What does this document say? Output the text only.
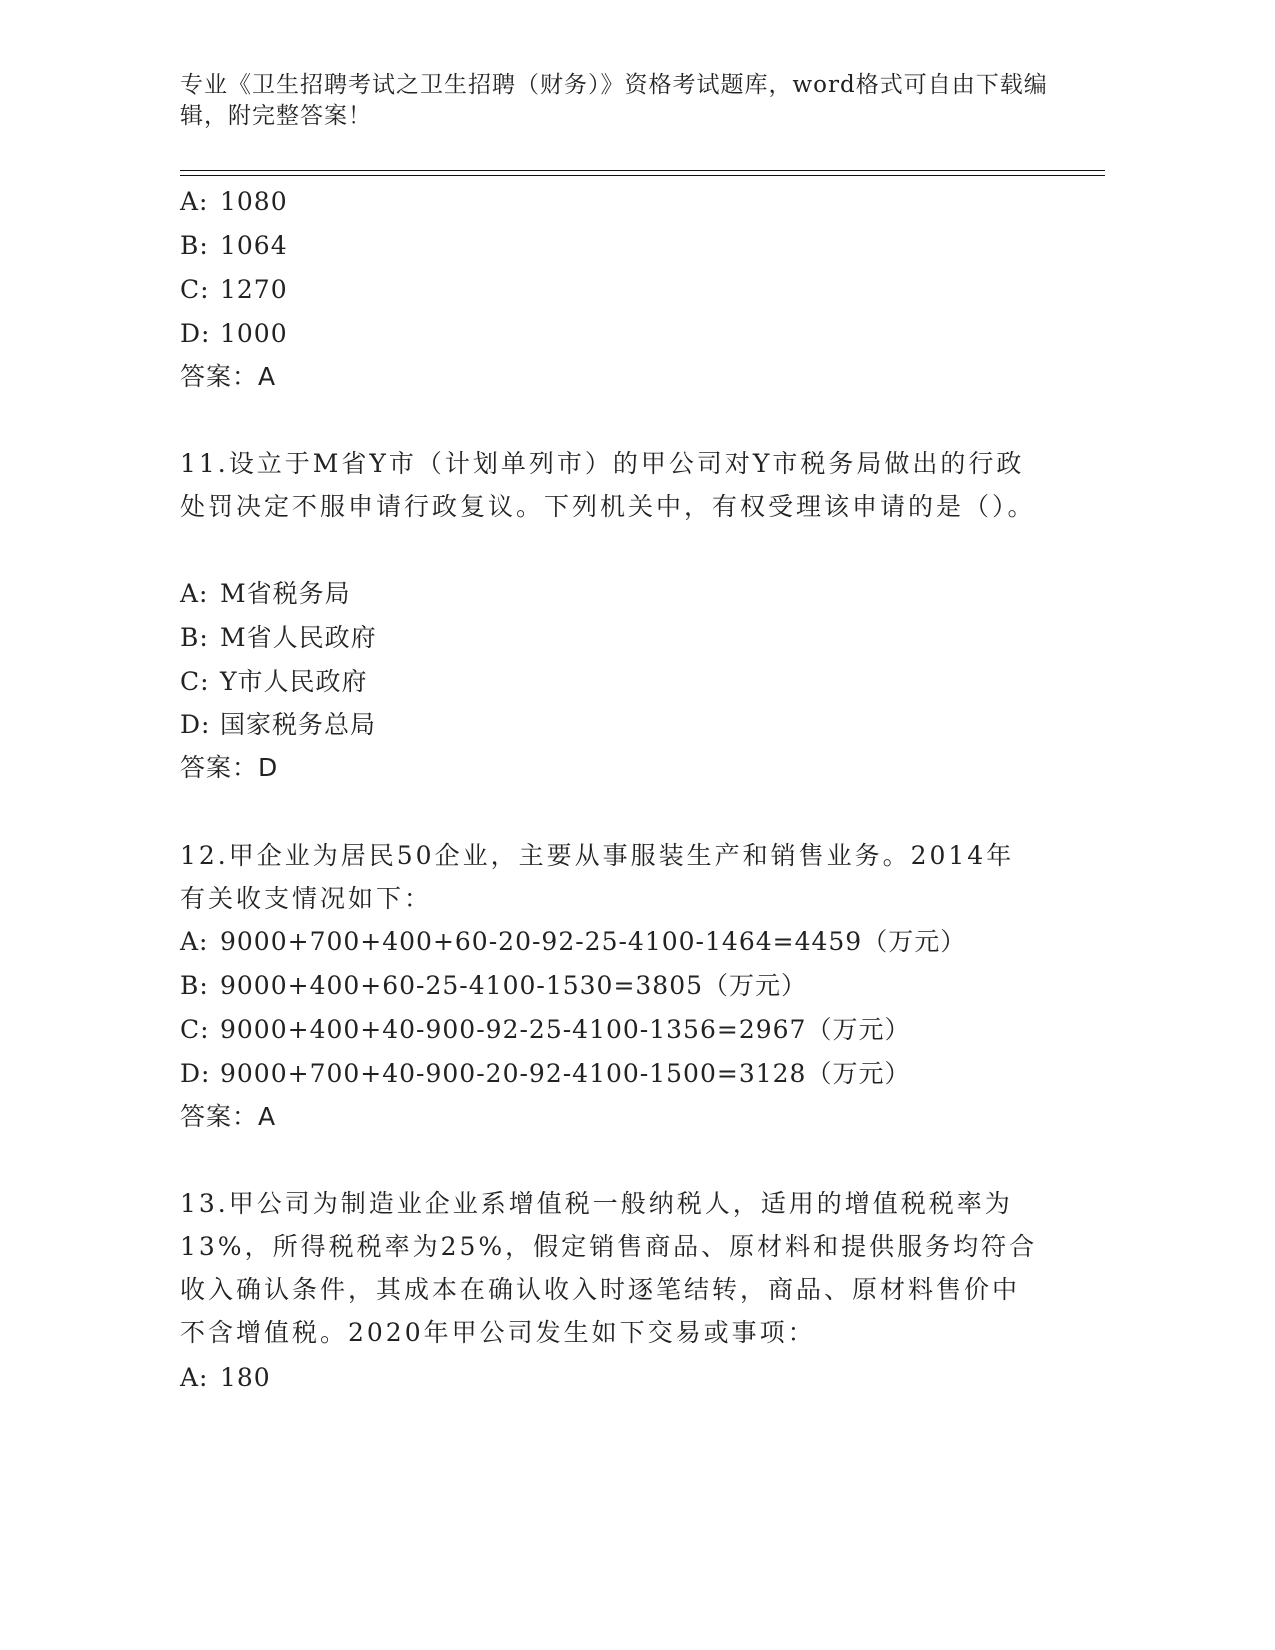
专业《卫生招聘考试之卫生招聘（财务）》资格考试题库，word格式可自由下载编辑，附完整答案！
A: 1080
B: 1064
C: 1270
D: 1000
答案：A
11.设立于M省Y市（计划单列市）的甲公司对Y市税务局做出的行政处罚决定不服申请行政复议。下列机关中，有权受理该申请的是（）。
A: M省税务局
B: M省人民政府
C: Y市人民政府
D: 国家税务总局
答案：D
12.甲企业为居民50企业，主要从事服装生产和销售业务。2014年有关收支情况如下：
A: 9000+700+400+60-20-92-25-4100-1464=4459（万元）
B: 9000+400+60-25-4100-1530=3805（万元）
C: 9000+400+40-900-92-25-4100-1356=2967（万元）
D: 9000+700+40-900-20-92-4100-1500=3128（万元）
答案：A
13.甲公司为制造业企业系增值税一般纳税人，适用的增值税税率为13%，所得税税率为25%，假定销售商品、原材料和提供服务均符合收入确认条件，其成本在确认收入时逐笔结转，商品、原材料售价中不含增值税。2020年甲公司发生如下交易或事项：
A: 180
